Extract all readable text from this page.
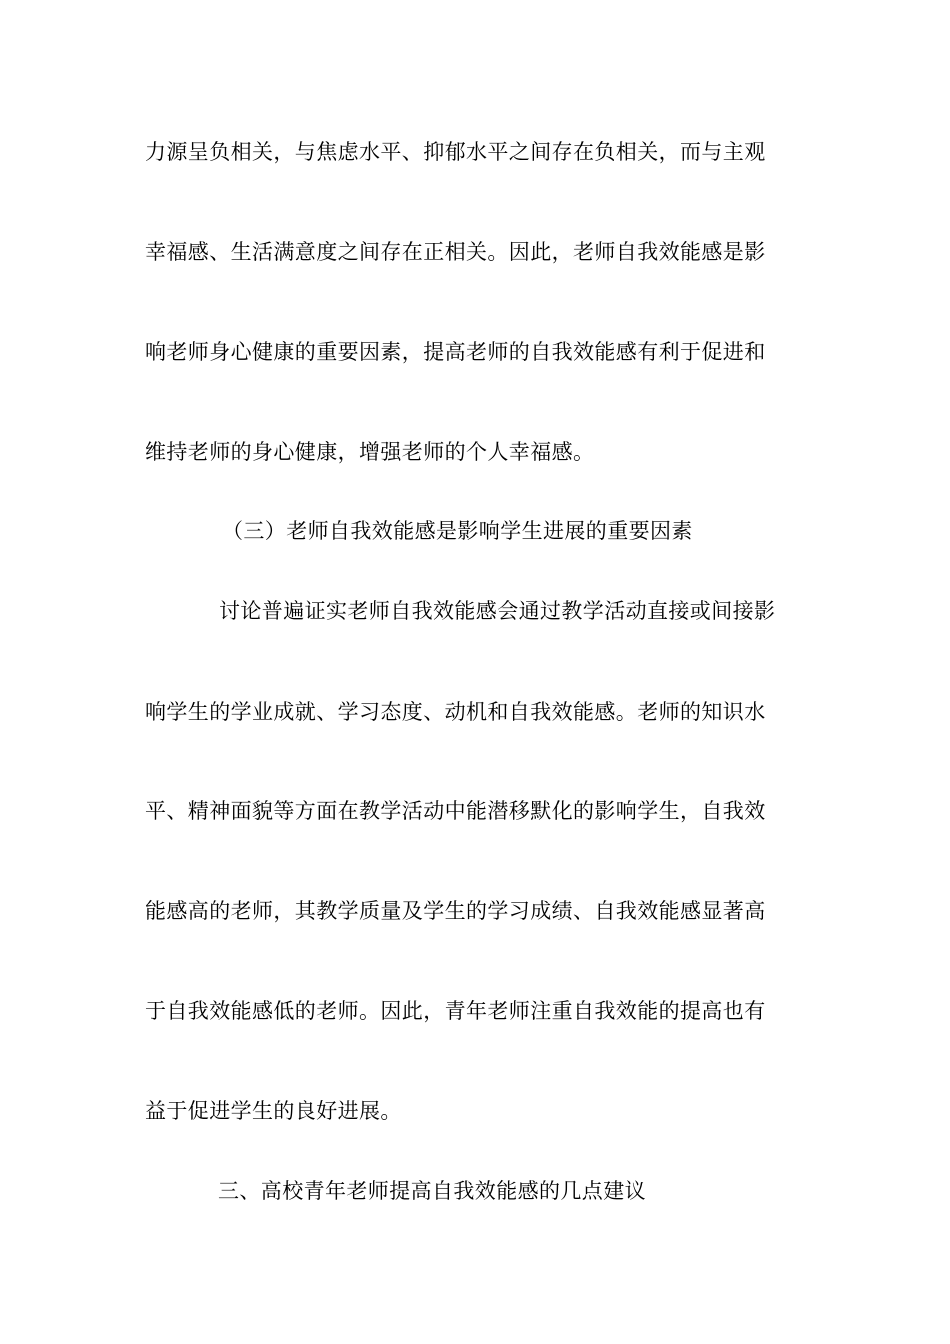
力源呈负相关，与焦虑水平、抑郁水平之间存在负相关，而与主观
幸福感、生活满意度之间存在正相关。因此，老师自我效能感是影
响老师身心健康的重要因素，提高老师的自我效能感有利于促进和
维持老师的身心健康，增强老师的个人幸福感。
（三）老师自我效能感是影响学生进展的重要因素
讨论普遍证实老师自我效能感会通过教学活动直接或间接影
响学生的学业成就、学习态度、动机和自我效能感。老师的知识水
平、精神面貌等方面在教学活动中能潜移默化的影响学生，自我效
能感高的老师，其教学质量及学生的学习成绩、自我效能感显著高
于自我效能感低的老师。因此，青年老师注重自我效能的提高也有
益于促进学生的良好进展。
三、高校青年老师提高自我效能感的几点建议
